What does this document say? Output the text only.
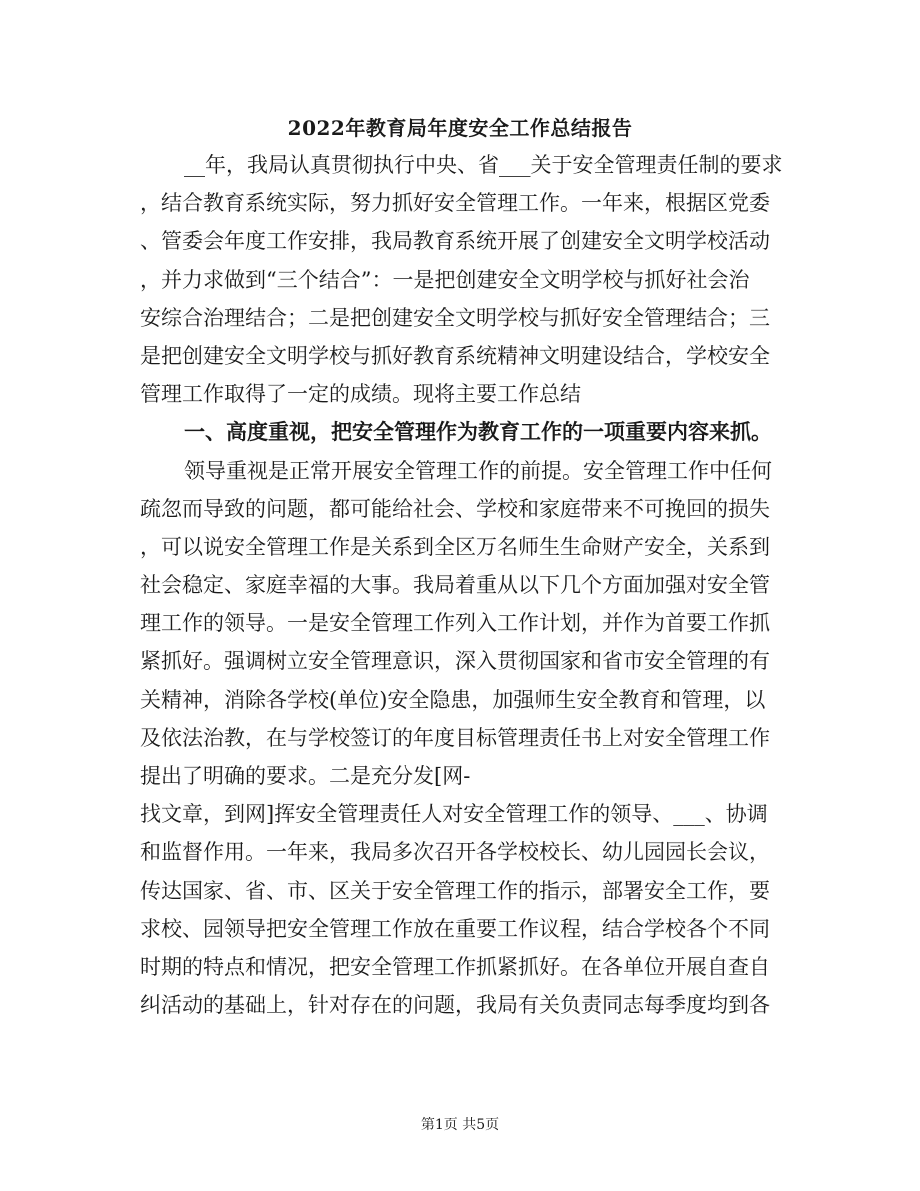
2022年教育局年度安全工作总结报告
__年，我局认真贯彻执行中央、省___关于安全管理责任制的要求
，结合教育系统实际，努力抓好安全管理工作。一年来，根据区党委
、管委会年度工作安排，我局教育系统开展了创建安全文明学校活动
，并力求做到“三个结合”：一是把创建安全文明学校与抓好社会治
安综合治理结合；二是把创建安全文明学校与抓好安全管理结合；三
是把创建安全文明学校与抓好教育系统精神文明建设结合，学校安全
管理工作取得了一定的成绩。现将主要工作总结
一、高度重视，把安全管理作为教育工作的一项重要内容来抓。
领导重视是正常开展安全管理工作的前提。安全管理工作中任何
疏忽而导致的问题，都可能给社会、学校和家庭带来不可挽回的损失
，可以说安全管理工作是关系到全区万名师生生命财产安全，关系到
社会稳定、家庭幸福的大事。我局着重从以下几个方面加强对安全管
理工作的领导。一是安全管理工作列入工作计划，并作为首要工作抓
紧抓好。强调树立安全管理意识，深入贯彻国家和省市安全管理的有
关精神，消除各学校(单位)安全隐患，加强师生安全教育和管理，以
及依法治教，在与学校签订的年度目标管理责任书上对安全管理工作
提出了明确的要求。二是充分发[网-
找文章，到网]挥安全管理责任人对安全管理工作的领导、___、协调
和监督作用。一年来，我局多次召开各学校校长、幼儿园园长会议，
传达国家、省、市、区关于安全管理工作的指示，部署安全工作，要
求校、园领导把安全管理工作放在重要工作议程，结合学校各个不同
时期的特点和情况，把安全管理工作抓紧抓好。在各单位开展自查自
纠活动的基础上，针对存在的问题，我局有关负责同志每季度均到各
第1页 共5页
